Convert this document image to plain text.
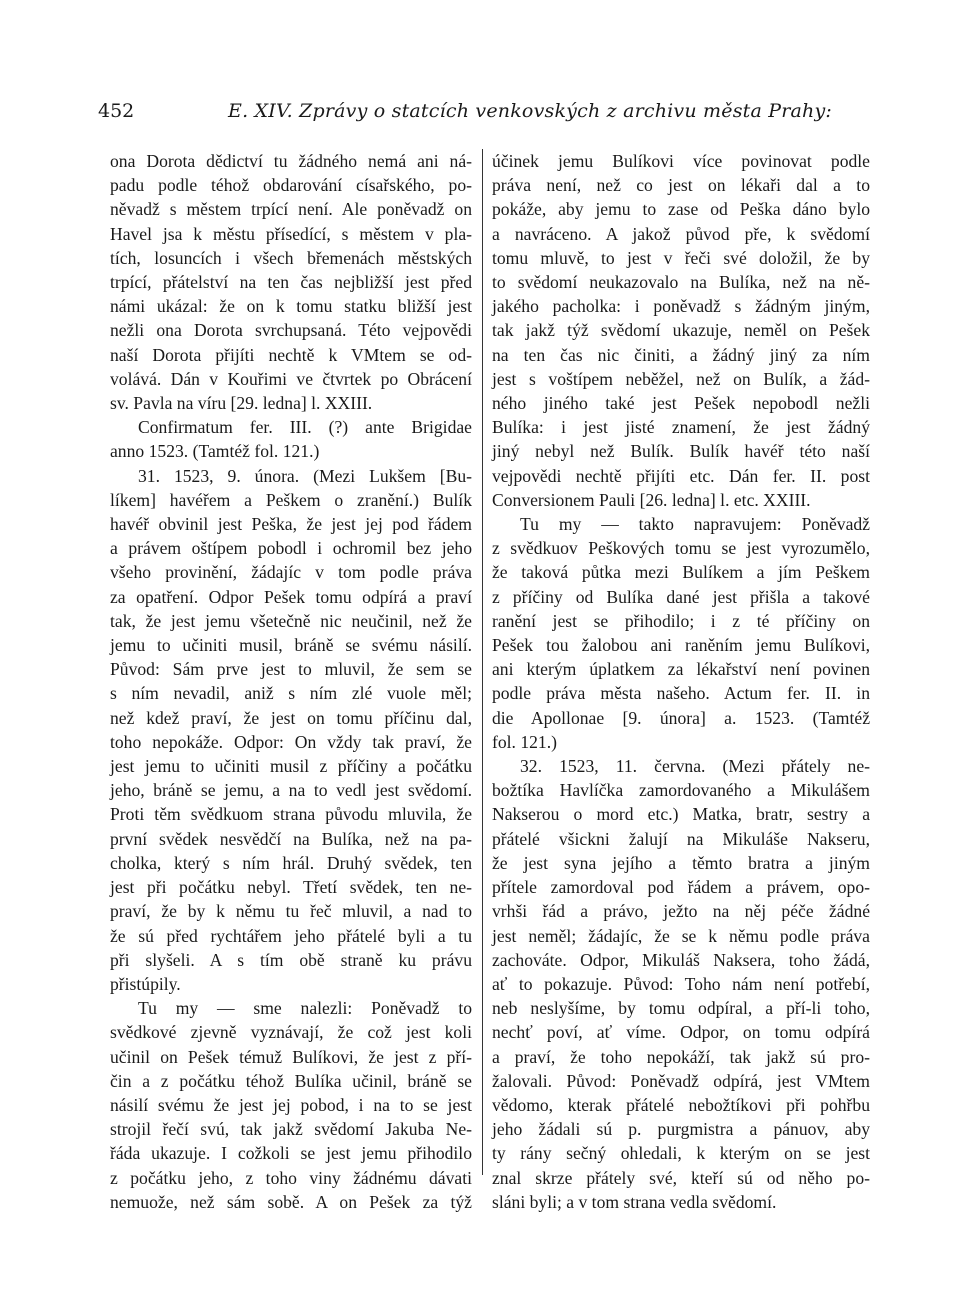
452	E. XIV. Zprávy o statcích venkovských z archivu města Prahy:
ona Dorota dědictví tu žádného nemá ani ná-
padu podle téhož obdarování císařského, po-
něvadž s městem trpící není. Ale poněvadž on
Havel jsa k městu přísedící, s městem v pla-
tích, losuncích i všech břemenách městských
trpící, přátelství na ten čas nejbližší jest před
námi ukázal: že on k tomu statku bližší jest
nežli ona Dorota svrchupsaná. Této vejpovědi
naší Dorota přijíti nechtě k VMtem se od-
volává. Dán v Kouřimi ve čtvrtek po Obrácení
sv. Pavla na víru [29. ledna] l. XXIII.
Confirmatum fer. III. (?) ante Brigidae
anno 1523. (Tamtéž fol. 121.)
31. 1523, 9. února. (Mezi Lukšem [Bu-
líkem] havéřem a Peškem o zranění.) Bulík
havéř obvinil jest Peška, že jest jej pod řádem
a právem oštípem pobodl i ochromil bez jeho
všeho provinění, žádajíc v tom podle práva
za opatření. Odpor Pešek tomu odpírá a praví
tak, že jest jemu všetečně nic neučinil, než že
jemu to učiniti musil, bráně se svému násilí.
Původ: Sám prve jest to mluvil, že sem se
s ním nevadil, aniž s ním zlé vuole měl;
než kdež praví, že jest on tomu příčinu dal,
toho nepokáže. Odpor: On vždy tak praví, že
jest jemu to učiniti musil z příčiny a počátku
jeho, bráně se jemu, a na to vedl jest svědomí.
Proti těm svědkuom strana původu mluvila, že
první svědek nesvědčí na Bulíka, než na pa-
cholka, který s ním hrál. Druhý svědek, ten
jest při počátku nebyl. Třetí svědek, ten ne-
praví, že by k němu tu řeč mluvil, a nad to
že sú před rychtářem jeho přátelé byli a tu
při slyšeli. A s tím obě straně ku právu
přistúpily.
Tu my — sme nalezli: Poněvadž to
svědkové zjevně vyznávají, že což jest koli
učinil on Pešek témuž Bulíkovi, že jest z pří-
čin a z počátku téhož Bulíka učinil, bráně se
násilí svému že jest jej pobod, i na to se jest
strojil řečí svú, tak jakž svědomí Jakuba Ne-
řáda ukazuje. I cožkoli se jest jemu přihodilo
z počátku jeho, z toho viny žádnému dávati
nemuože, než sám sobě. A on Pešek za týž
účinek jemu Bulíkovi více povinovat podle
práva není, než co jest on lékaři dal a to
pokáže, aby jemu to zase od Peška dáno bylo
a navráceno. A jakož původ pře, k svědomí
tomu mluvě, to jest v řeči své doložil, že by
to svědomí neukazovalo na Bulíka, než na ně-
jakého pacholka: i poněvadž s žádným jiným,
tak jakž týž svědomí ukazuje, neměl on Pešek
na ten čas nic činiti, a žádný jiný za ním
jest s voštípem neběžel, než on Bulík, a žád-
ného jiného také jest Pešek nepobodl nežli
Bulíka: i jest jisté znamení, že jest žádný
jiný nebyl než Bulík. Bulík havéř této naší
vejpovědi nechtě přijíti etc. Dán fer. II. post
Conversionem Pauli [26. ledna] l. etc. XXIII.
Tu my — takto napravujem: Poněvadž
z svědkuov Peškových tomu se jest vyrozumělo,
že taková půtka mezi Bulíkem a jím Peškem
z příčiny od Bulíka dané jest přišla a takové
ranění jest se přihodilo; i z té příčiny on
Pešek tou žalobou ani raněním jemu Bulíkovi,
ani kterým úplatkem za lékařství není povinen
podle práva města našeho. Actum fer. II. in
die Apollonae [9. února] a. 1523. (Tamtéž
fol. 121.)
32. 1523, 11. června. (Mezi přátely ne-
božtíka Havlíčka zamordovaného a Mikulášem
Nakserou o mord etc.) Matka, bratr, sestry a
přátelé všickni žalují na Mikuláše Nakseru,
že jest syna jejího a těmto bratra a jiným
přítele zamordoval pod řádem a právem, opo-
vrhši řád a právo, ježto na něj péče žádné
jest neměl; žádajíc, že se k němu podle práva
zachováte. Odpor, Mikuláš Naksera, toho žádá,
ať to pokazuje. Původ: Toho nám není potřebí,
neb neslyšíme, by tomu odpíral, a pří-li toho,
nechť poví, ať víme. Odpor, on tomu odpírá
a praví, že toho nepokáží, tak jakž sú pro-
žalovali. Původ: Poněvadž odpírá, jest VMtem
vědomo, kterak přátelé nebožtíkovi při pohřbu
jeho žádali sú p. purgmistra a pánuov, aby
ty rány sečný ohledali, k kterým on se jest
znal skrze přátely své, kteří sú od něho po-
sláni byli; a v tom strana vedla svědomí.
